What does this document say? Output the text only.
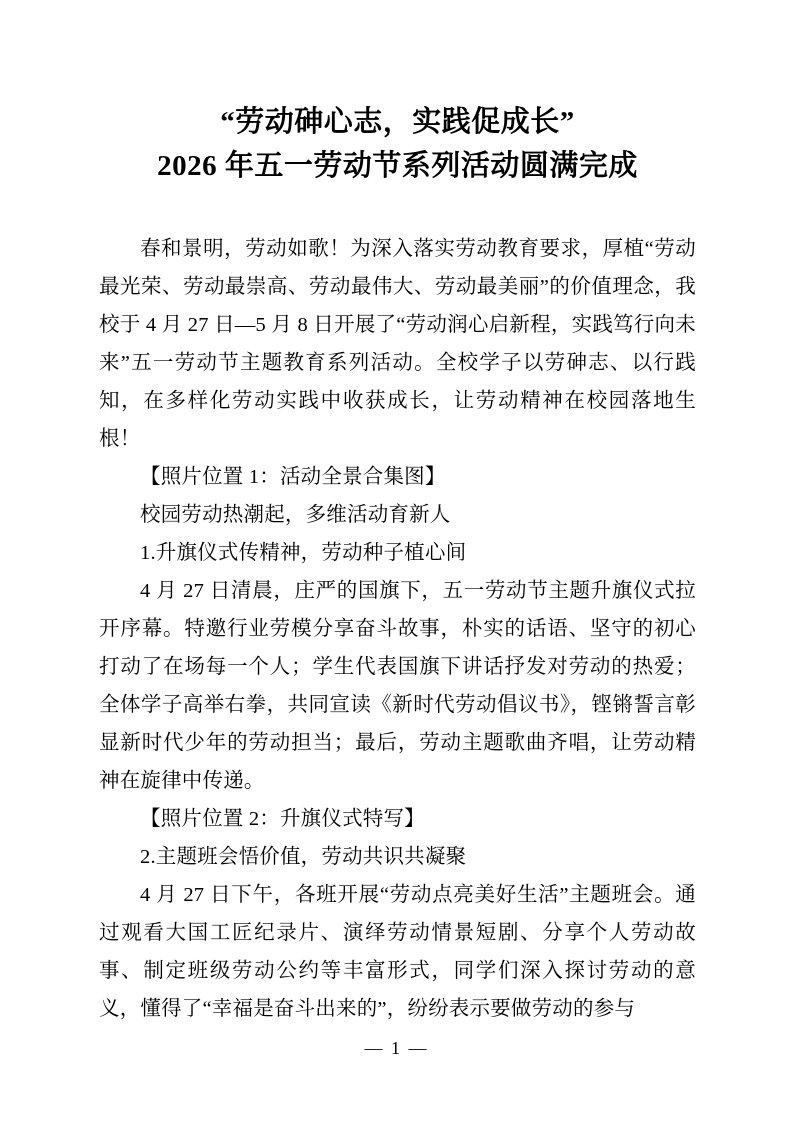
“劳动砷心志，实践促成长”
2026 年五一劳动节系列活动圆满完成

春和景明，劳动如歌！为深入落实劳动教育要求，厚植“劳动最光荣、劳动最崇高、劳动最伟大、劳动最美丽”的价值理念，我校于 4 月 27 日—5 月 8 日开展了“劳动润心启新程，实践笃行向未来”五一劳动节主题教育系列活动。全校学子以劳砷志、以行践知，在多样化劳动实践中收获成长，让劳动精神在校园落地生根！

【照片位置 1：活动全景合集图】

校园劳动热潮起，多维活动育新人

1.升旗仪式传精神，劳动种子植心间

4 月 27 日清晨，庄严的国旗下，五一劳动节主题升旗仪式拉开序幕。特邀行业劳模分享奋斗故事，朴实的话语、坚守的初心打动了在场每一个人；学生代表国旗下讲话抒发对劳动的热爱；全体学子高举右拳，共同宣读《新时代劳动倡议书》，铿锵誓言彰显新时代少年的劳动担当；最后，劳动主题歌曲齐唱，让劳动精神在旋律中传递。

【照片位置 2：升旗仪式特写】

2.主题班会悟价值，劳动共识共凝聚

4 月 27 日下午，各班开展“劳动点亮美好生活”主题班会。通过观看大国工匠纪录片、演绎劳动情景短剧、分享个人劳动故事、制定班级劳动公约等丰富形式，同学们深入探讨劳动的意义，懂得了“幸福是奋斗出来的”，纷纷表示要做劳动的参与

— 1 —
